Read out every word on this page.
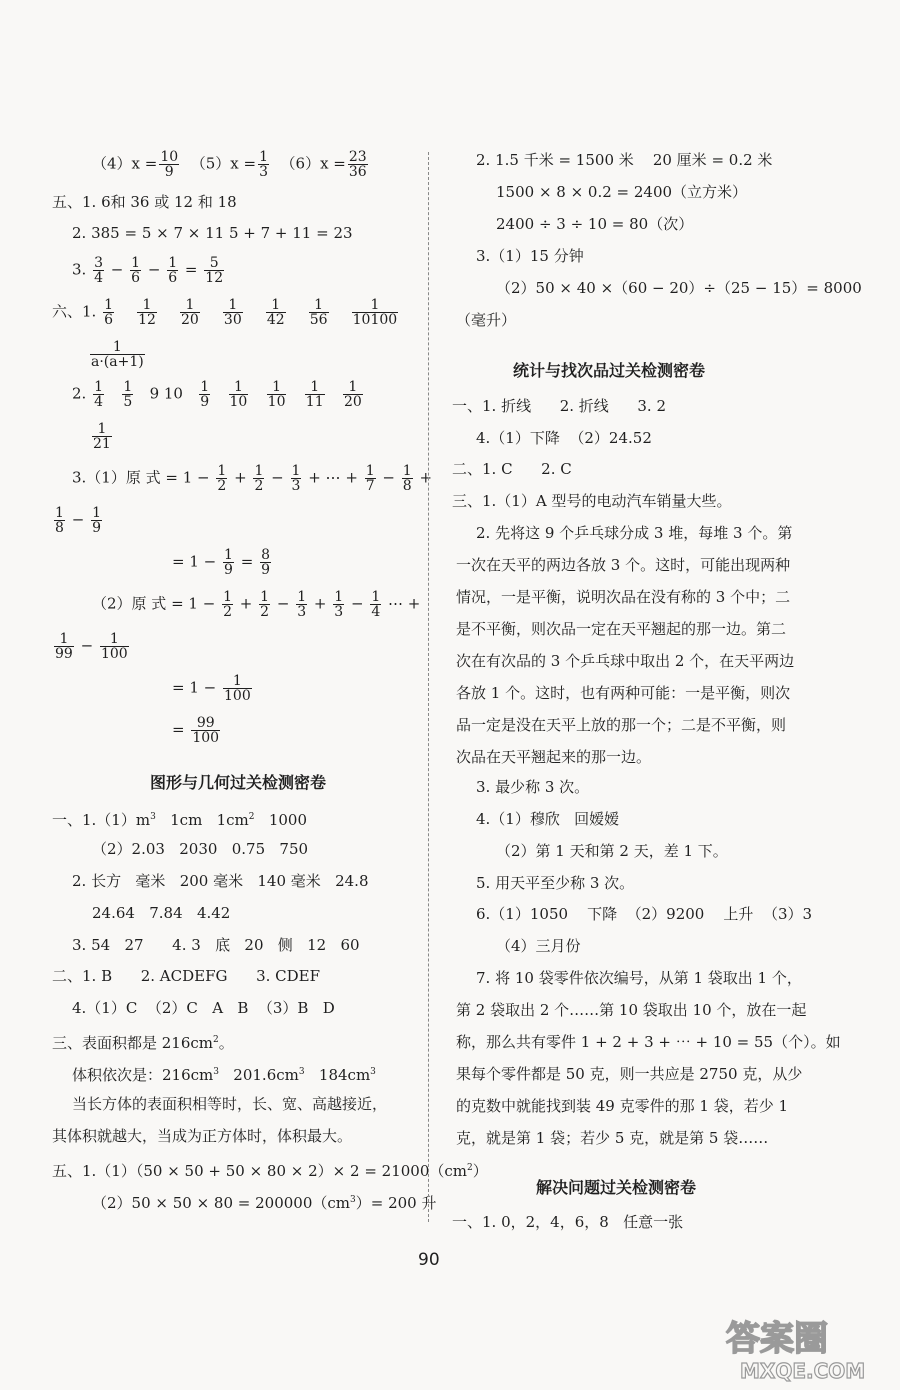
$(4)x = \frac{10}{9} (5)x = \frac{1}{3} (6)x = \frac{23}{36}$
五、1. 6和 36 或 12 和 18
2. 385 = 5 × 7 × 11 5 + 7 + 11 = 23
3. $\frac{3}{4} - \frac{1}{6} - \frac{1}{6} = \frac{5}{12}$
六、1. $\frac{1}{6}$
$\frac{1}{12}$
$\frac{1}{20}$
$\frac{1}{30}$
$\frac{1}{42}$
$\frac{1}{56}$
$\frac{1}{10100}$
$\frac{1}{a\cdot(a+1)}$
2. $\frac{1}{4}$
$\frac{1}{5} 9$ $10 \frac{1}{9}$
$\frac{1}{10}$
$\frac{1}{10}$
$\frac{1}{11}$
$\frac{1}{20}$
$\frac{1}{21}$
3.（1）原 式 = $1 - \frac{1}{2} + \frac{1}{2} - \frac{1}{3}$ + ⋯ + $\frac{1}{7} - \frac{1}{8}$ +
$\frac{1}{8} - \frac{1}{9}$
= $1 - \frac{1}{9} = \frac{8}{9}$
（2）原 式 = $1 - \frac{1}{2} + \frac{1}{2} - \frac{1}{3} + \frac{1}{3} - \frac{1}{4}$ ⋯ +
$\frac{1}{99} - \frac{1}{100}$
= $1 - \frac{1}{100}$
= $\frac{99}{100}$
图形与几何过关检测密卷
一、$1.(1)m^3$   1cm   $1cm^2$   1000
（2）2.03   2030   0.75   750
2. 长方   毫米   200 毫米   140 毫米   24.8
24.64   7.84   4.42
3. 54   27      4. 3   底   20   侧   12   60
二、1. B      2. ACDEFG      3. CDEF
4.（1）C  （2）C   A   B  （3）B   D
三、表面积都是 $216cm^2$。
体积依次是：$216cm^3$   $201.6cm^3$   $184cm^3$
当长方体的表面积相等时，长、宽、高越接近，
其体积就越大，当成为正方体时，体积最大。
五、$1.(1)(50 \times 50 + 50 \times 80 \times 2)\times 2 = 21000(cm^2)$
$(2)50 \times 50 \times 80 = 200000(cm^3)= 200$ 升
2. 1.5 千米 = 1500 米    20 厘米 = 0.2 米
1500 × 8 × 0.2 = 2400（立方米）
2400 ÷ 3 ÷ 10 = 80（次）
3.（1）15 分钟
（2）50 × 40 ×（60 − 20）÷（25 − 15）= 8000
（毫升）
统计与找次品过关检测密卷
一、1. 折线      2. 折线      3. 2
4.（1）下降  （2）24.52
二、1. C      2. C
三、1.（1）A 型号的电动汽车销量大些。
2. 先将这 9 个乒乓球分成 3 堆，每堆 3 个。第
一次在天平的两边各放 3 个。这时，可能出现两种
情况，一是平衡，说明次品在没有称的 3 个中；二
是不平衡，则次品一定在天平翘起的那一边。第二
次在有次品的 3 个乒乓球中取出 2 个，在天平两边
各放 1 个。这时，也有两种可能：一是平衡，则次
品一定是没在天平上放的那一个；二是不平衡，则
次品在天平翘起来的那一边。
3. 最少称 3 次。
4.（1）穆欣   回嫒嫒
（2）第 1 天和第 2 天，差 1 下。
5. 用天平至少称 3 次。
6.（1）1050    下降  （2）9200    上升  （3）3
（4）三月份
7. 将 10 袋零件依次编号，从第 1 袋取出 1 个，
第 2 袋取出 2 个……第 10 袋取出 10 个，放在一起
称，那么共有零件 1 + 2 + 3 + ⋯ + 10 = 55（个）。如
果每个零件都是 50 克，则一共应是 2750 克，从少
的克数中就能找到装 49 克零件的那 1 袋，若少 1
克，就是第 1 袋；若少 5 克，就是第 5 袋……
解决问题过关检测密卷
一、1. 0，2，4，6，8   任意一张
90
答案圈
MXQE.COM
